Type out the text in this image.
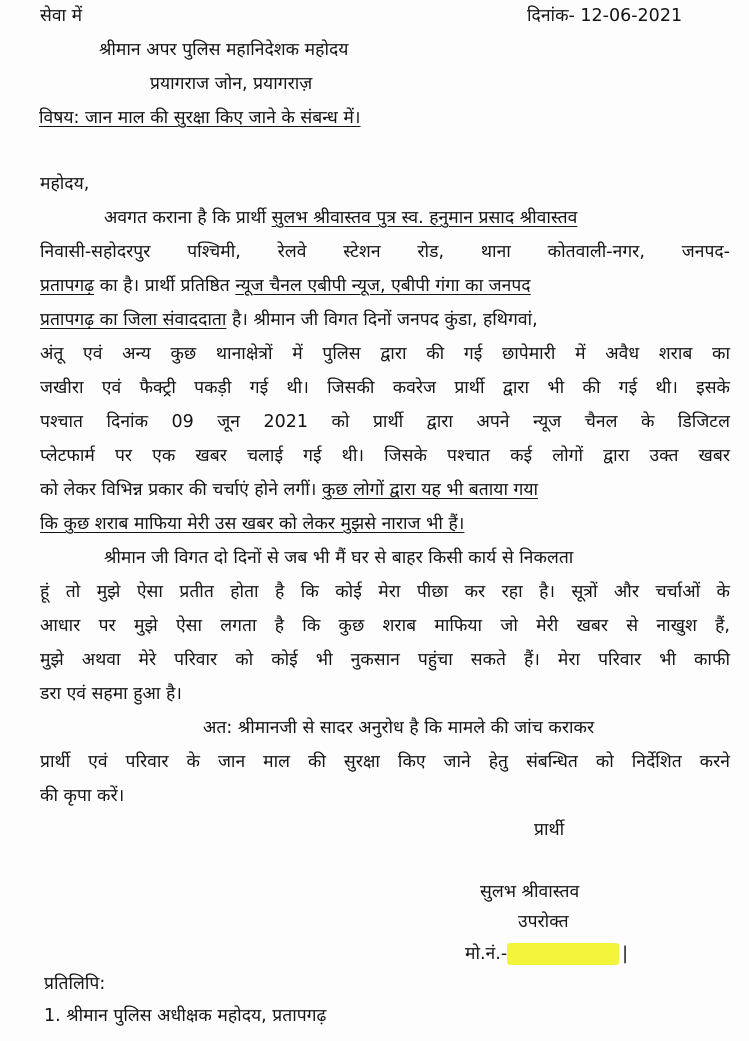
सेवा में	दिनांक- 12-06-2021
श्रीमान अपर पुलिस महानिदेशक महोदय
प्रयागराज जोन, प्रयागराज़
विषय: जान माल की सुरक्षा किए जाने के संबन्ध में।
महोदय,
अवगत कराना है कि प्रार्थी सुलभ श्रीवास्तव पुत्र स्व. हनुमान प्रसाद श्रीवास्तव
निवासी-सहोदरपुर पश्चिमी, रेलवे स्टेशन रोड, थाना कोतवाली-नगर, जनपद-
प्रतापगढ़ का है। प्रार्थी प्रतिष्ठित न्यूज चैनल एबीपी न्यूज, एबीपी गंगा का जनपद
प्रतापगढ़ का जिला संवाददाता है। श्रीमान जी विगत दिनों जनपद कुंडा, हथिगवां,
अंतू एवं अन्य कुछ थानाक्षेत्रों में पुलिस द्वारा की गई छापेमारी में अवैध शराब का
जखीरा एवं फैक्ट्री पकड़ी गई थी। जिसकी कवरेज प्रार्थी द्वारा भी की गई थी। इसके
पश्चात दिनांक 09 जून 2021 को प्रार्थी द्वारा अपने न्यूज चैनल के डिजिटल
प्लेटफार्म पर एक खबर चलाई गई थी। जिसके पश्चात कई लोगों द्वारा उक्त खबर
को लेकर विभिन्न प्रकार की चर्चाएं होने लगीं। कुछ लोगों द्वारा यह भी बताया गया
कि कुछ शराब माफिया मेरी उस खबर को लेकर मुझसे नाराज भी हैं।
श्रीमान जी विगत दो दिनों से जब भी मैं घर से बाहर किसी कार्य से निकलता
हूं तो मुझे ऐसा प्रतीत होता है कि कोई मेरा पीछा कर रहा है। सूत्रों और चर्चाओं के
आधार पर मुझे ऐसा लगता है कि कुछ शराब माफिया जो मेरी खबर से नाखुश हैं,
मुझे अथवा मेरे परिवार को कोई भी नुकसान पहुंचा सकते हैं। मेरा परिवार भी काफी
डरा एवं सहमा हुआ है।
अत: श्रीमानजी से सादर अनुरोध है कि मामले की जांच कराकर
प्रार्थी एवं परिवार के जान माल की सुरक्षा किए जाने हेतु संबन्धित को निर्देशित करने
की कृपा करें।
प्रार्थी
सुलभ श्रीवास्तव
उपरोक्त
मो.नं.-	|
प्रतिलिपि:
1. श्रीमान पुलिस अधीक्षक महोदय, प्रतापगढ़
